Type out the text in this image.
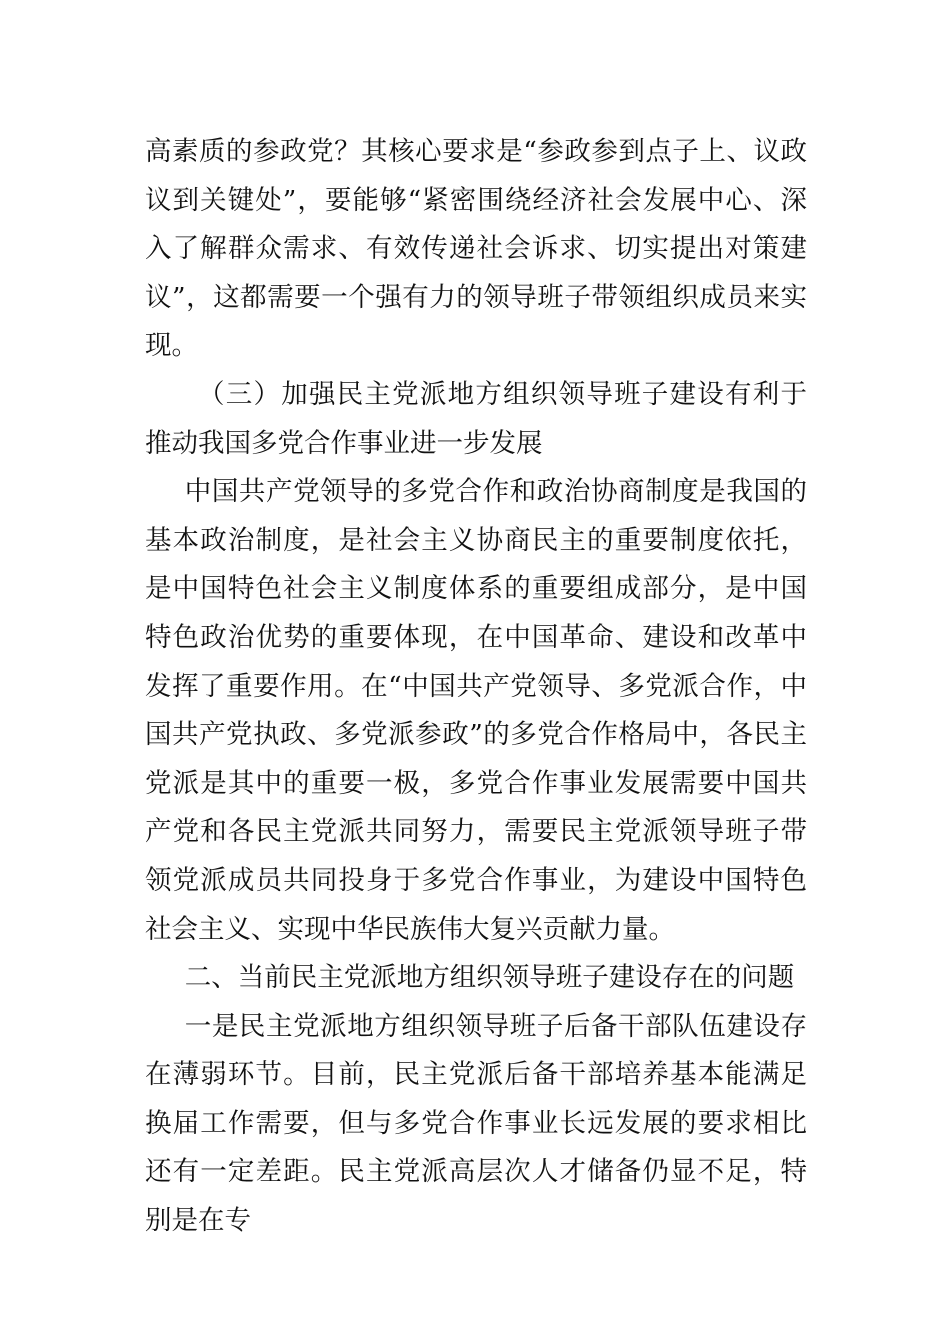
高素质的参政党？其核心要求是“参政参到点子上、议政议到关键处”，要能够“紧密围绕经济社会发展中心、深入了解群众需求、有效传递社会诉求、切实提出对策建议”，这都需要一个强有力的领导班子带领组织成员来实现。

（三）加强民主党派地方组织领导班子建设有利于推动我国多党合作事业进一步发展

中国共产党领导的多党合作和政治协商制度是我国的基本政治制度，是社会主义协商民主的重要制度依托，是中国特色社会主义制度体系的重要组成部分，是中国特色政治优势的重要体现，在中国革命、建设和改革中发挥了重要作用。在“中国共产党领导、多党派合作，中国共产党执政、多党派参政”的多党合作格局中，各民主党派是其中的重要一极，多党合作事业发展需要中国共产党和各民主党派共同努力，需要民主党派领导班子带领党派成员共同投身于多党合作事业，为建设中国特色社会主义、实现中华民族伟大复兴贡献力量。

二、当前民主党派地方组织领导班子建设存在的问题

一是民主党派地方组织领导班子后备干部队伍建设存在薄弱环节。目前，民主党派后备干部培养基本能满足换届工作需要，但与多党合作事业长远发展的要求相比还有一定差距。民主党派高层次人才储备仍显不足，特别是在专
